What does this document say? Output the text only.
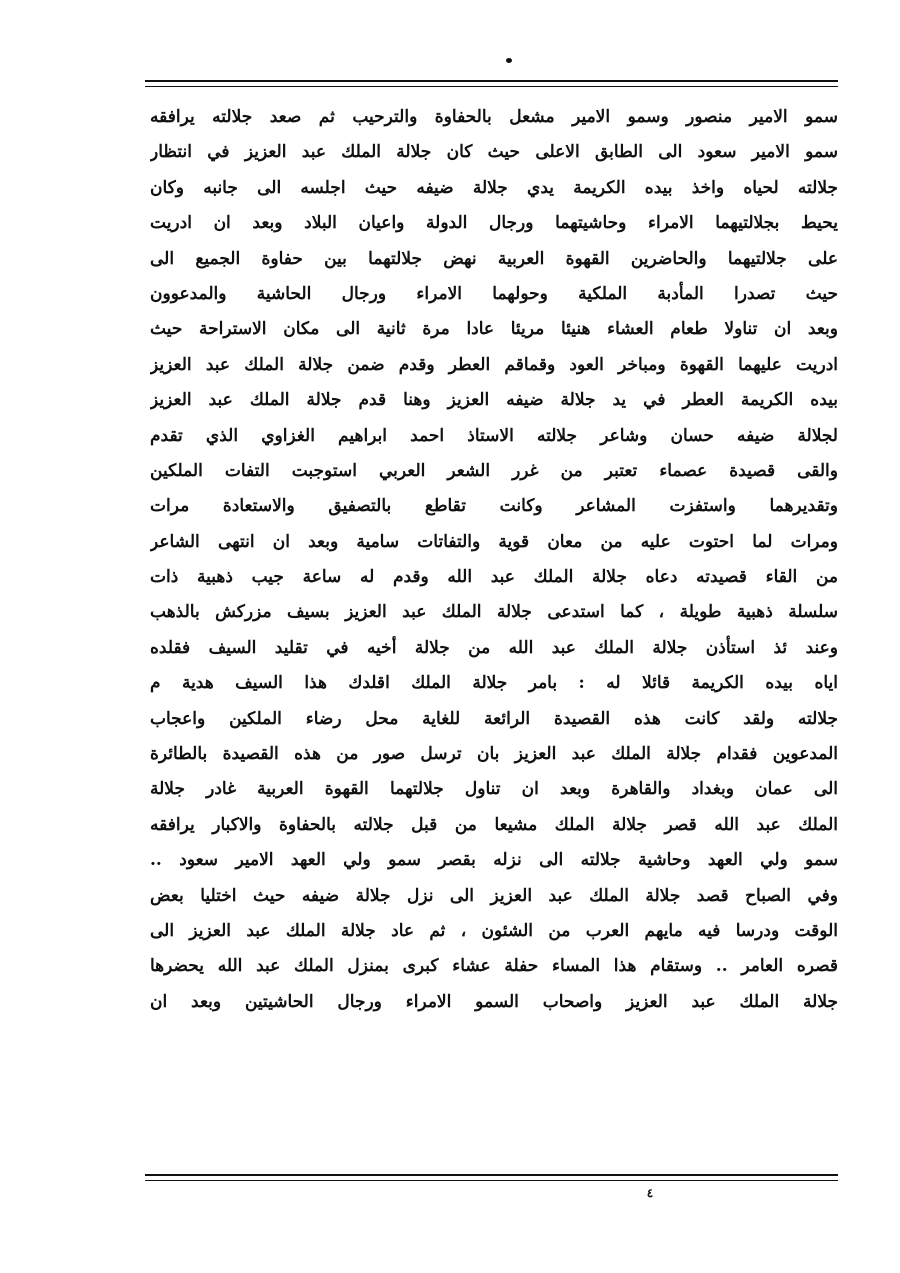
سمو الامير منصور وسمو الامير مشعل بالحفاوة والترحيب ثم صعد جلالته يرافقه
سمو الامير سعود الى الطابق الاعلى حيث كان جلالة الملك عبد العزيز في انتظار
جلالته لحياه واخذ بيده الكريمة يدي جلالة ضيفه حيث اجلسه الى جانبه وكان
يحيط بجلالتيهما الامراء وحاشيتهما ورجال الدولة واعيان البلاد وبعد ان ادريت
على جلالتيهما والحاضرين القهوة العربية نهض جلالتهما بين حفاوة الجميع الى
حيث تصدرا المأدبة الملكية وحولهما الامراء ورجال الحاشية والمدعوون
وبعد ان تناولا طعام العشاء هنيئا مريئا عادا مرة ثانية الى مكان الاستراحة حيث
ادريت عليهما القهوة ومباخر العود وقماقم العطر وقدم ضمن جلالة الملك عبد العزيز
بيده الكريمة العطر في يد جلالة ضيفه العزيز وهنا قدم جلالة الملك عبد العزيز
لجلالة ضيفه حسان وشاعر جلالته الاستاذ احمد ابراهيم الغزاوي الذي تقدم
والقى قصيدة عصماء تعتبر من غرر الشعر العربي استوجبت التفات الملكين
وتقديرهما واستفزت المشاعر وكانت تقاطع بالتصفيق والاستعادة مرات
ومرات لما احتوت عليه من معان قوية والتفاتات سامية وبعد ان انتهى الشاعر
من القاء قصيدته دعاه جلالة الملك عبد الله وقدم له ساعة جيب ذهبية ذات
سلسلة ذهبية طويلة ، كما استدعى جلالة الملك عبد العزيز بسيف مزركش بالذهب
وعند ئذ استأذن جلالة الملك عبد الله من جلالة أخيه في تقليد السيف فقلده
اياه بيده الكريمة قائلا له : بامر جلالة الملك اقلدك هذا السيف هدية م
جلالته ولقد كانت هذه القصيدة الرائعة للغاية محل رضاء الملكين واعجاب
المدعوين فقدام جلالة الملك عبد العزيز بان ترسل صور من هذه القصيدة بالطائرة
الى عمان وبغداد والقاهرة وبعد ان تناول جلالتهما القهوة العربية غادر جلالة
الملك عبد الله قصر جلالة الملك مشيعا من قبل جلالته بالحفاوة والاكبار يرافقه
سمو ولي العهد وحاشية جلالته الى نزله بقصر سمو ولي العهد الامير سعود ..
وفي الصباح قصد جلالة الملك عبد العزيز الى نزل جلالة ضيفه حيث اختليا بعض
الوقت ودرسا فيه مايهم العرب من الشئون ، ثم عاد جلالة الملك عبد العزيز الى
قصره العامر .. وستقام هذا المساء حفلة عشاء كبرى بمنزل الملك عبد الله يحضرها
جلالة الملك عبد العزيز واصحاب السمو الامراء ورجال الحاشيتين وبعد ان
٤
